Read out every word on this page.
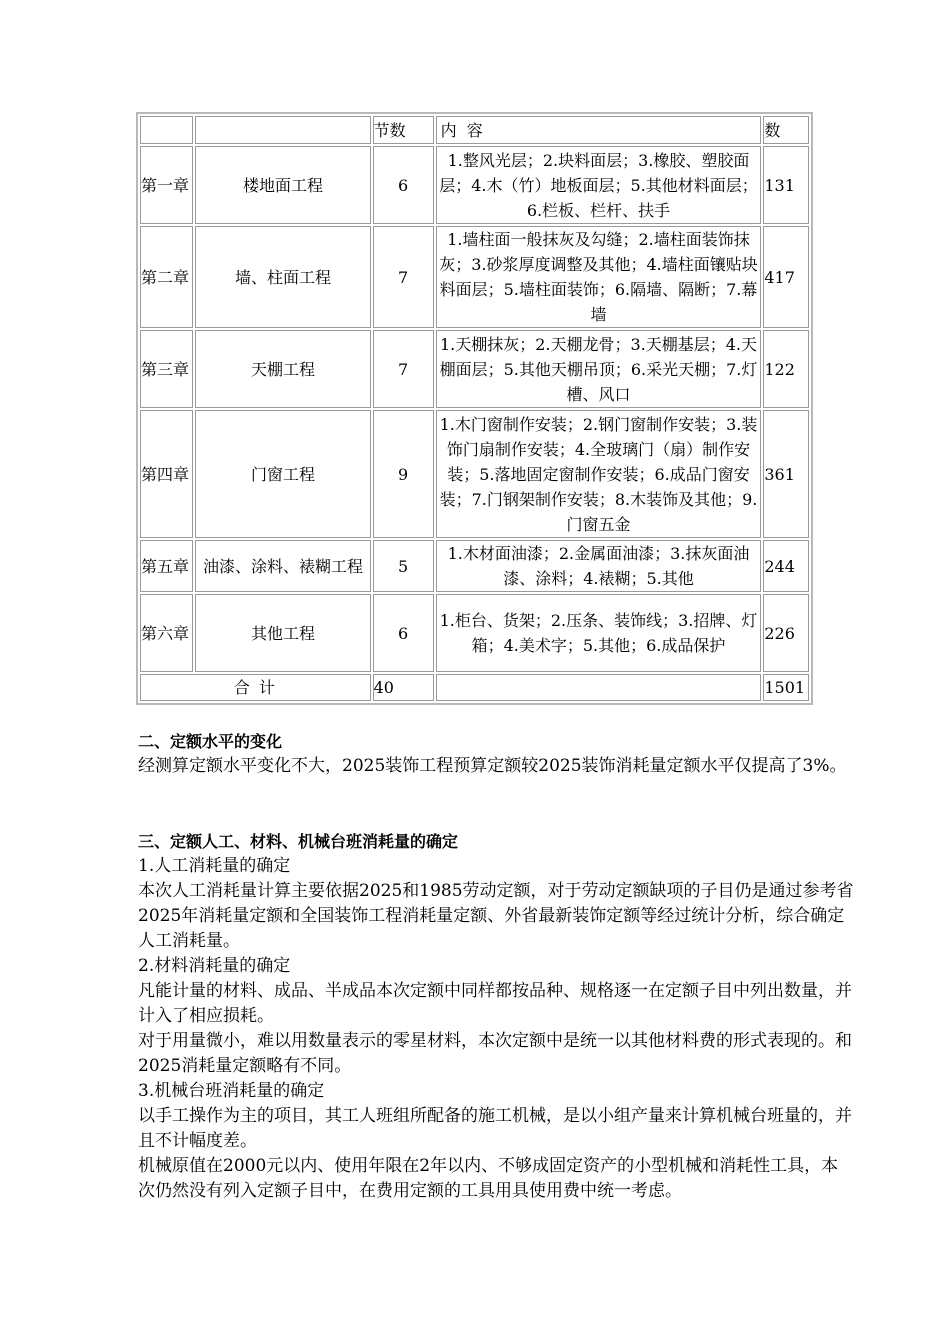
		节数	内  容	数
第一章	楼地面工程	6	1.整风光层；2.块料面层；3.橡胶、塑胶面层；4.木（竹）地板面层；5.其他材料面层；6.栏板、栏杆、扶手	131
第二章	墙、柱面工程	7	1.墙柱面一般抹灰及勾缝；2.墙柱面装饰抹灰；3.砂浆厚度调整及其他；4.墙柱面镶贴块料面层；5.墙柱面装饰；6.隔墙、隔断；7.幕墙	417
第三章	天棚工程	7	1.天棚抹灰；2.天棚龙骨；3.天棚基层；4.天棚面层；5.其他天棚吊顶；6.采光天棚；7.灯槽、风口	122
第四章	门窗工程	9	1.木门窗制作安装；2.钢门窗制作安装；3.装饰门扇制作安装；4.全玻璃门（扇）制作安装；5.落地固定窗制作安装；6.成品门窗安装；7.门钢架制作安装；8.木装饰及其他；9.门窗五金	361
第五章	油漆、涂料、裱糊工程	5	1.木材面油漆；2.金属面油漆；3.抹灰面油漆、涂料；4.裱糊；5.其他	244
第六章	其他工程	6	1.柜台、货架；2.压条、装饰线；3.招牌、灯箱；4.美术字；5.其他；6.成品保护	226
合 计		40		1501

二、定额水平的变化

经测算定额水平变化不大，2025装饰工程预算定额较2025装饰消耗量定额水平仅提高了3%。

三、定额人工、材料、机械台班消耗量的确定

1.人工消耗量的确定

本次人工消耗量计算主要依据2025和1985劳动定额，对于劳动定额缺项的子目仍是通过参考省2025年消耗量定额和全国装饰工程消耗量定额、外省最新装饰定额等经过统计分析，综合确定人工消耗量。

2.材料消耗量的确定

凡能计量的材料、成品、半成品本次定额中同样都按品种、规格逐一在定额子目中列出数量，并计入了相应损耗。

对于用量微小，难以用数量表示的零星材料，本次定额中是统一以其他材料费的形式表现的。和2025消耗量定额略有不同。

3.机械台班消耗量的确定

以手工操作为主的项目，其工人班组所配备的施工机械，是以小组产量来计算机械台班量的，并且不计幅度差。

机械原值在2000元以内、使用年限在2年以内、不够成固定资产的小型机械和消耗性工具，本次仍然没有列入定额子目中，在费用定额的工具用具使用费中统一考虑。
